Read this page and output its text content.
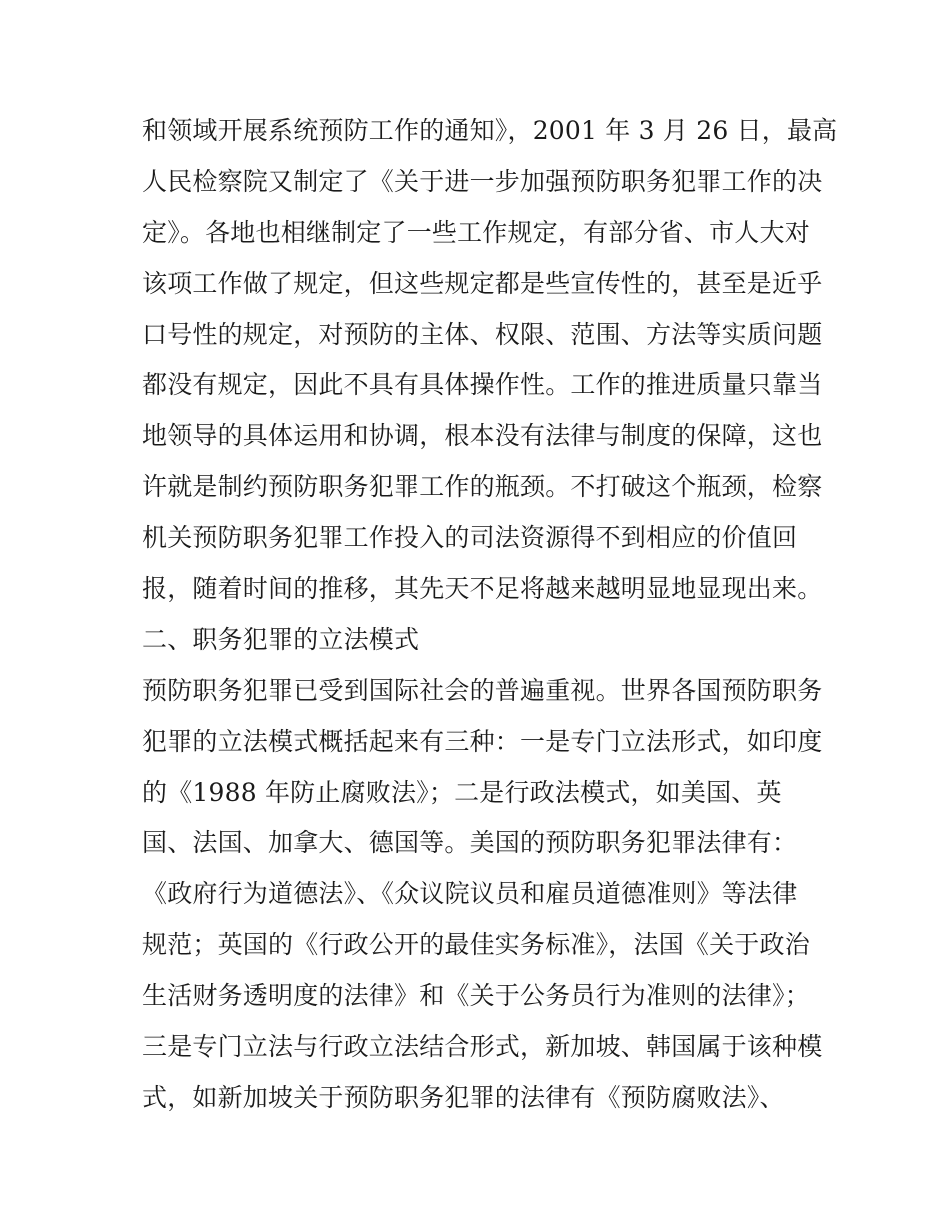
和领域开展系统预防工作的通知》，2001 年 3 月 26 日，最高
人民检察院又制定了《关于进一步加强预防职务犯罪工作的决
定》。各地也相继制定了一些工作规定，有部分省、市人大对
该项工作做了规定，但这些规定都是些宣传性的，甚至是近乎
口号性的规定，对预防的主体、权限、范围、方法等实质问题
都没有规定，因此不具有具体操作性。工作的推进质量只靠当
地领导的具体运用和协调，根本没有法律与制度的保障，这也
许就是制约预防职务犯罪工作的瓶颈。不打破这个瓶颈，检察
机关预防职务犯罪工作投入的司法资源得不到相应的价值回
报，随着时间的推移，其先天不足将越来越明显地显现出来。
二、职务犯罪的立法模式
预防职务犯罪已受到国际社会的普遍重视。世界各国预防职务
犯罪的立法模式概括起来有三种：一是专门立法形式，如印度
的《1988 年防止腐败法》；二是行政法模式，如美国、英
国、法国、加拿大、德国等。美国的预防职务犯罪法律有：
《政府行为道德法》、《众议院议员和雇员道德准则》等法律
规范；英国的《行政公开的最佳实务标准》，法国《关于政治
生活财务透明度的法律》和《关于公务员行为准则的法律》；
三是专门立法与行政立法结合形式，新加坡、韩国属于该种模
式，如新加坡关于预防职务犯罪的法律有《预防腐败法》、
